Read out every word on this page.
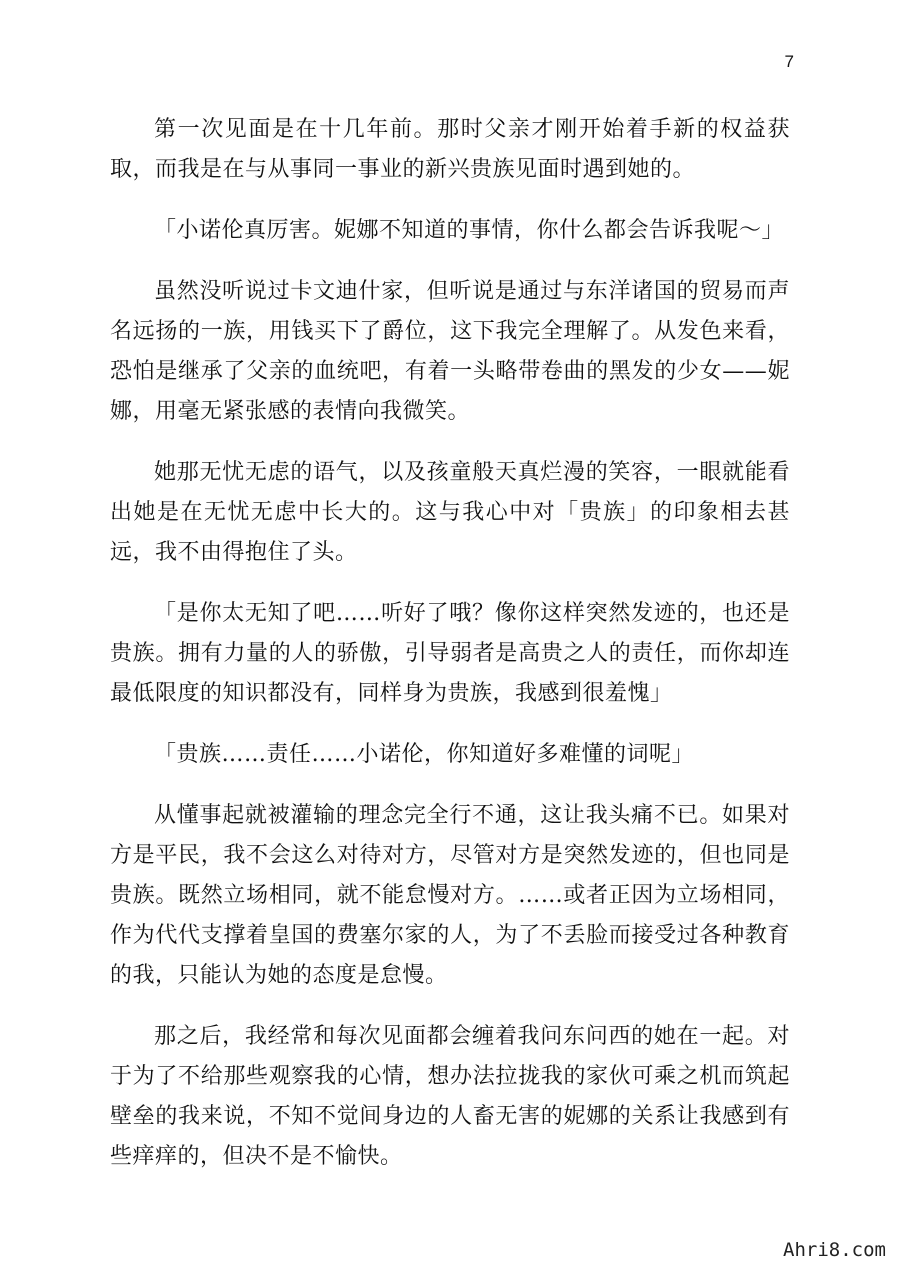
7

第一次见面是在十几年前。那时父亲才刚开始着手新的权益获取，而我是在与从事同一事业的新兴贵族见面时遇到她的。

「小诺伦真厉害。妮娜不知道的事情，你什么都会告诉我呢～」

虽然没听说过卡文迪什家，但听说是通过与东洋诸国的贸易而声名远扬的一族，用钱买下了爵位，这下我完全理解了。从发色来看，恐怕是继承了父亲的血统吧，有着一头略带卷曲的黑发的少女——妮娜，用毫无紧张感的表情向我微笑。

她那无忧无虑的语气，以及孩童般天真烂漫的笑容，一眼就能看出她是在无忧无虑中长大的。这与我心中对「贵族」的印象相去甚远，我不由得抱住了头。

「是你太无知了吧……听好了哦？像你这样突然发迹的，也还是贵族。拥有力量的人的骄傲，引导弱者是高贵之人的责任，而你却连最低限度的知识都没有，同样身为贵族，我感到很羞愧」

「贵族……责任……小诺伦，你知道好多难懂的词呢」

从懂事起就被灌输的理念完全行不通，这让我头痛不已。如果对方是平民，我不会这么对待对方，尽管对方是突然发迹的，但也同是贵族。既然立场相同，就不能怠慢对方。……或者正因为立场相同，作为代代支撑着皇国的费塞尔家的人，为了不丢脸而接受过各种教育的我，只能认为她的态度是怠慢。

那之后，我经常和每次见面都会缠着我问东问西的她在一起。对于为了不给那些观察我的心情，想办法拉拢我的家伙可乘之机而筑起壁垒的我来说，不知不觉间身边的人畜无害的妮娜的关系让我感到有些痒痒的，但决不是不愉快。

Ahri8.com
